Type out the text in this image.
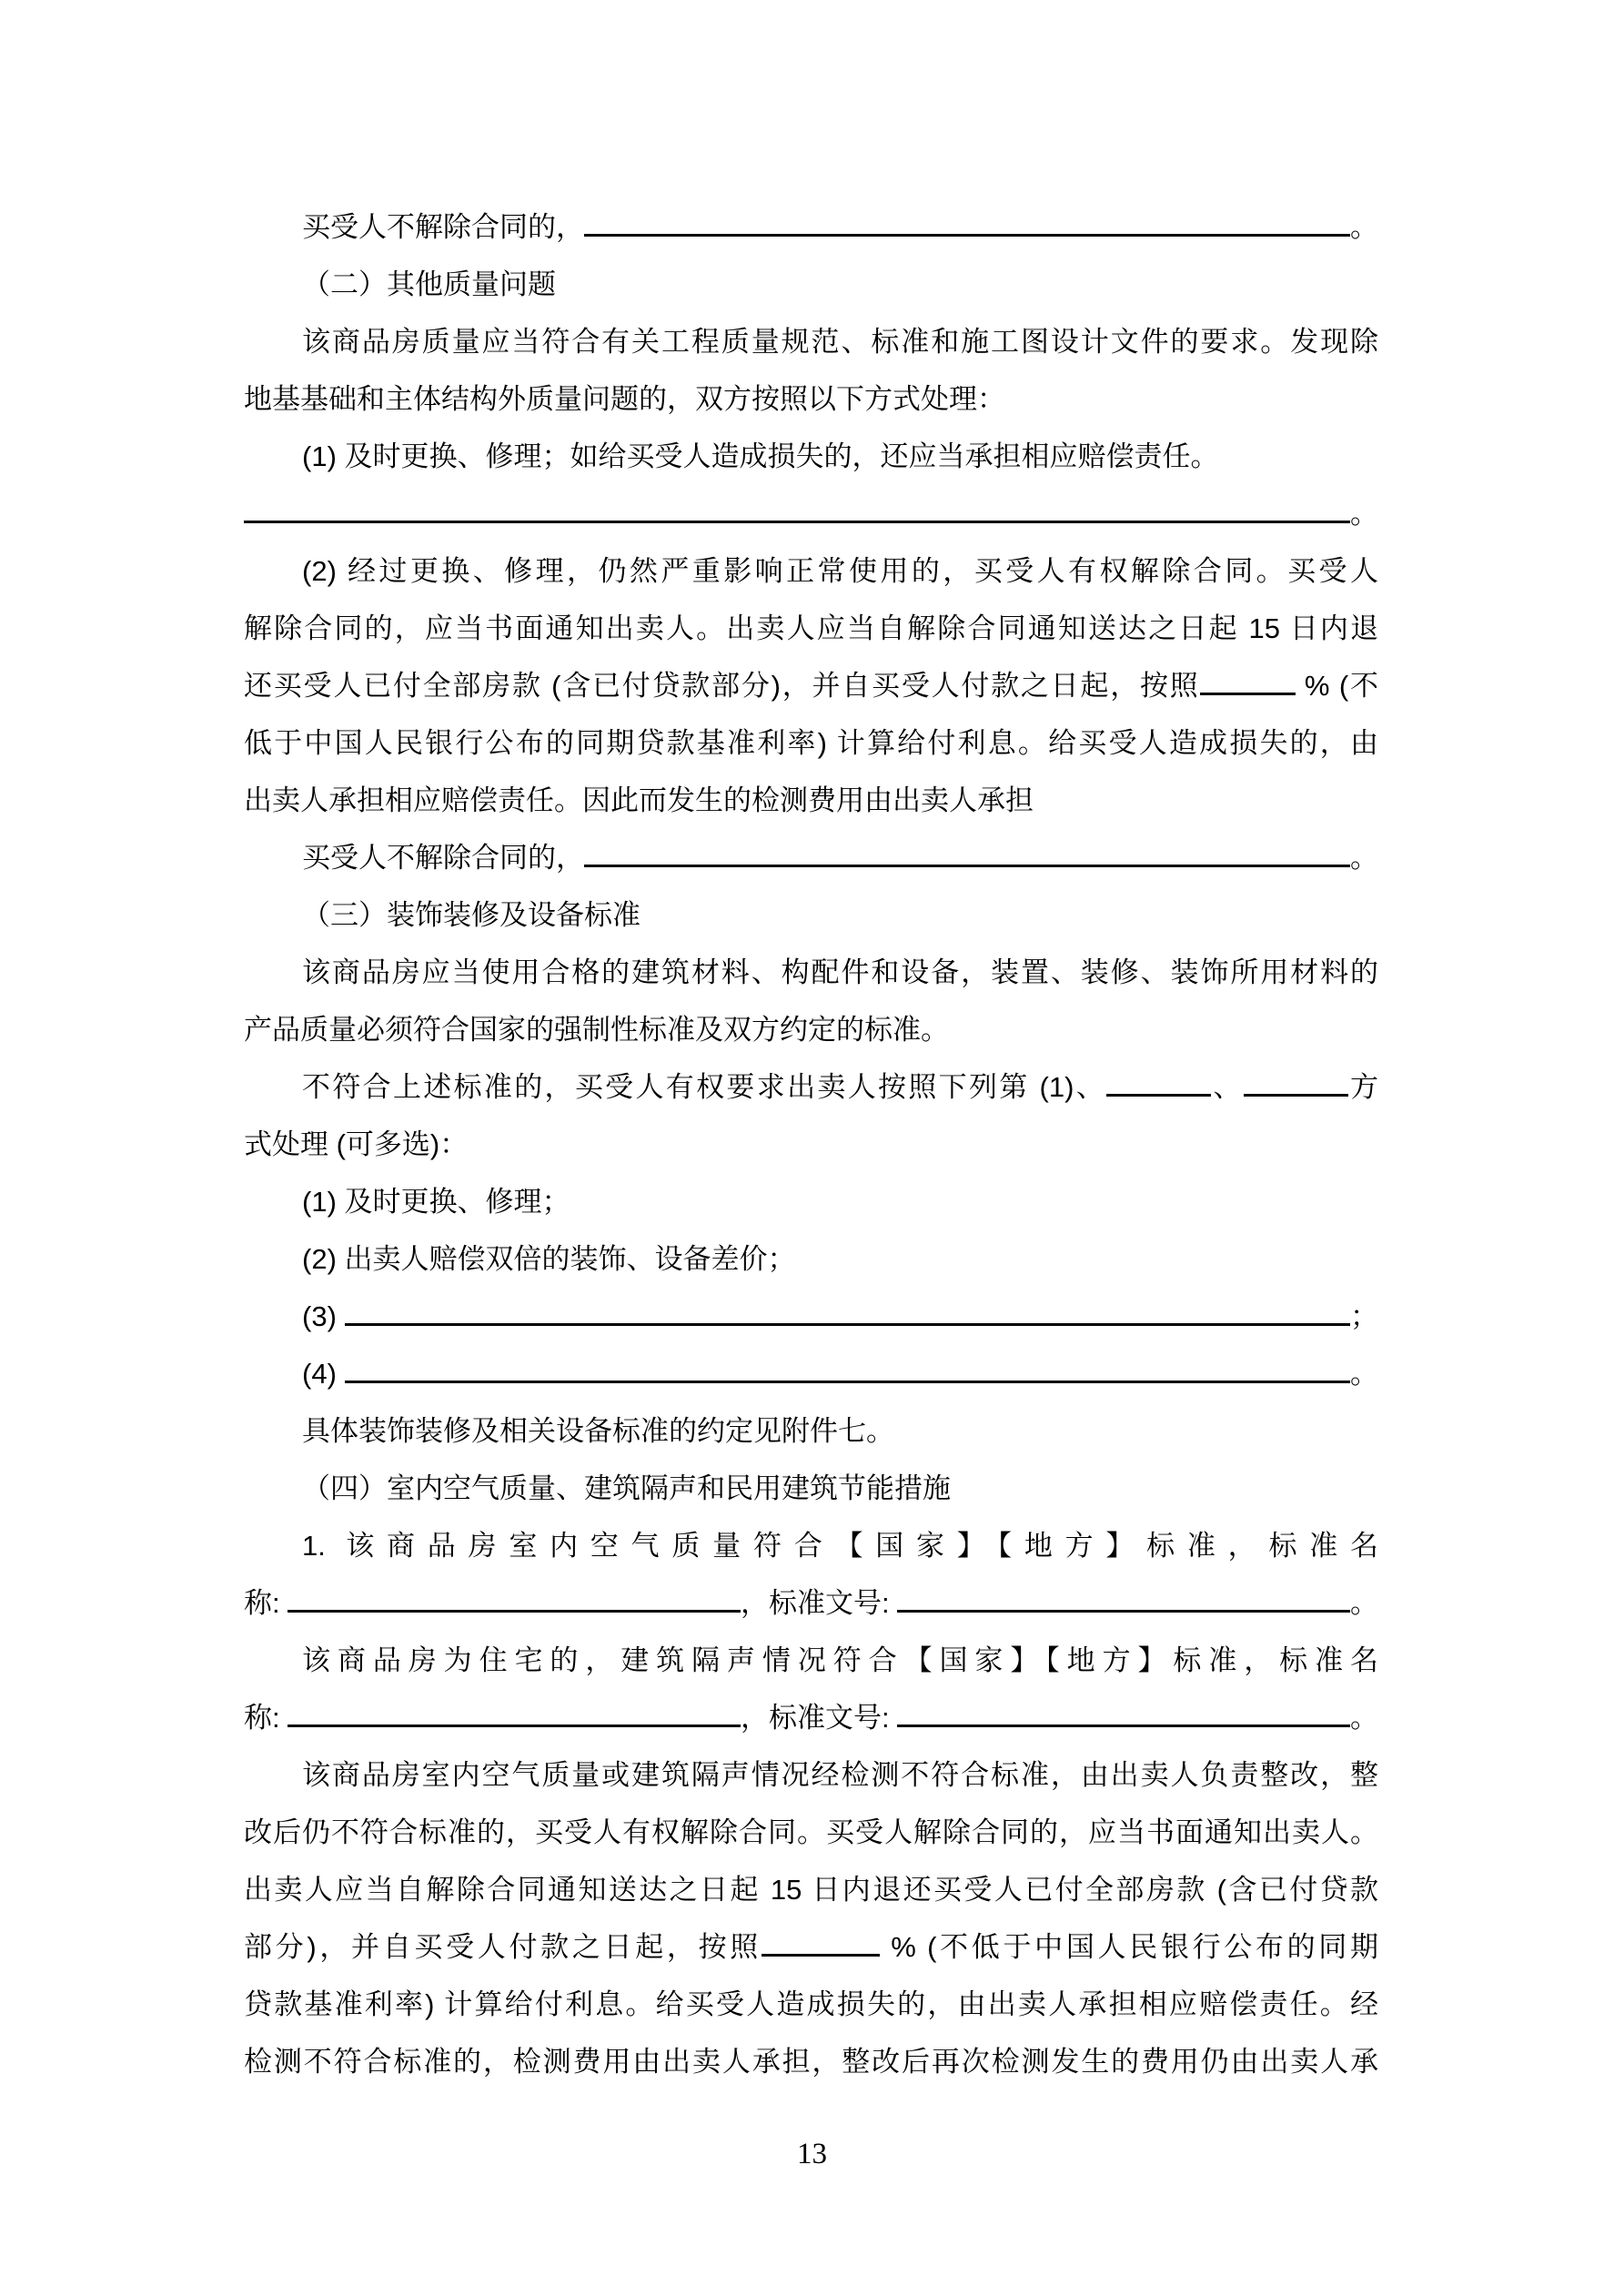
买受人不解除合同的，	。
（二）其他质量问题
该商品房质量应当符合有关工程质量规范、标准和施工图设计文件的要求。发现除
地基基础和主体结构外质量问题的，双方按照以下方式处理：
(1) 及时更换、修理；如给买受人造成损失的，还应当承担相应赔偿责任。
。
(2) 经过更换、修理，仍然严重影响正常使用的，买受人有权解除合同。买受人
解除合同的，应当书面通知出卖人。出卖人应当自解除合同通知送达之日起 15 日内退
还买受人已付全部房款 (含已付贷款部分)，并自买受人付款之日起，按照	% (不
低于中国人民银行公布的同期贷款基准利率) 计算给付利息。给买受人造成损失的，由
出卖人承担相应赔偿责任。因此而发生的检测费用由出卖人承担
买受人不解除合同的，	。
（三）装饰装修及设备标准
该商品房应当使用合格的建筑材料、构配件和设备，装置、装修、装饰所用材料的
产品质量必须符合国家的强制性标准及双方约定的标准。
不符合上述标准的，买受人有权要求出卖人按照下列第 (1)、	、	方
式处理 (可多选)：
(1) 及时更换、修理；
(2) 出卖人赔偿双倍的装饰、设备差价；
(3)	；
(4)	。
具体装饰装修及相关设备标准的约定见附件七。
（四）室内空气质量、建筑隔声和民用建筑节能措施
1. 该商品房室内空气质量符合【国家】【地方】标准，标准名
称:	，标准文号:	。
该商品房为住宅的，建筑隔声情况符合【国家】【地方】标准，标准名
称:	，标准文号:	。
该商品房室内空气质量或建筑隔声情况经检测不符合标准，由出卖人负责整改，整
改后仍不符合标准的，买受人有权解除合同。买受人解除合同的，应当书面通知出卖人。
出卖人应当自解除合同通知送达之日起 15 日内退还买受人已付全部房款 (含已付贷款
部分)，并自买受人付款之日起，按照	% (不低于中国人民银行公布的同期
贷款基准利率) 计算给付利息。给买受人造成损失的，由出卖人承担相应赔偿责任。经
检测不符合标准的，检测费用由出卖人承担，整改后再次检测发生的费用仍由出卖人承
13
